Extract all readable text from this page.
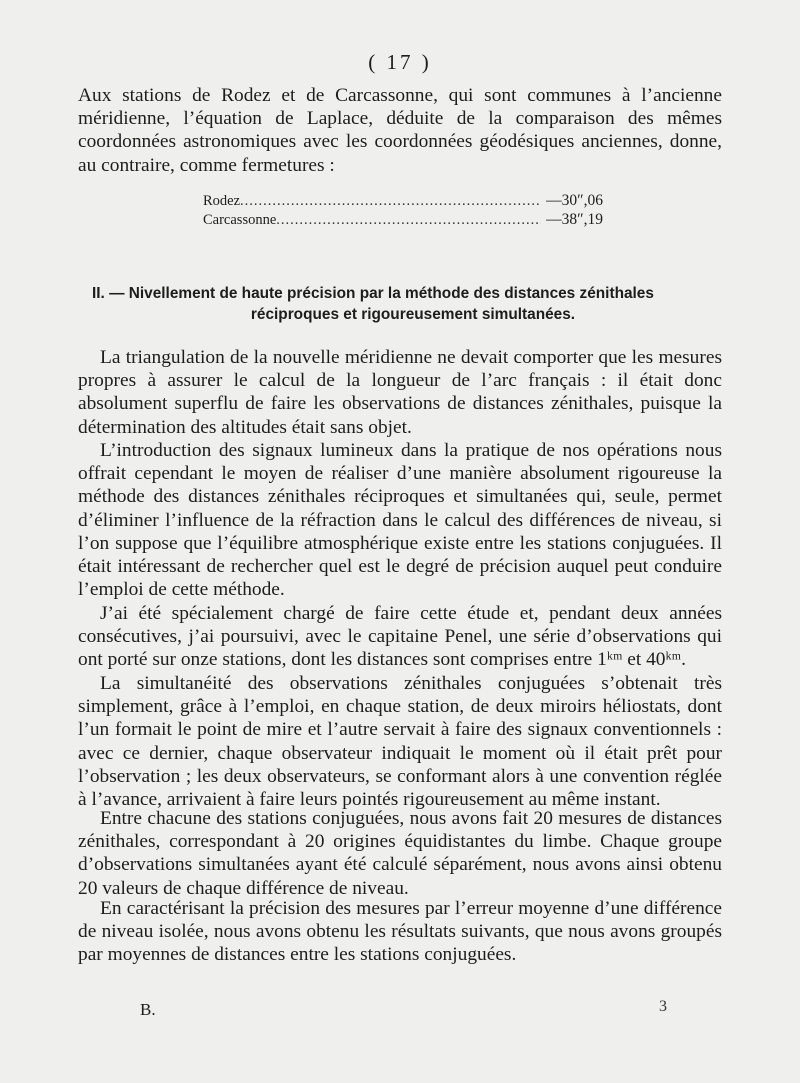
( 17 )

Aux stations de Rodez et de Carcassonne, qui sont communes à l’ancienne méridienne, l’équation de Laplace, déduite de la comparaison des mêmes coordonnées astronomiques avec les coordonnées géodésiques anciennes, donne, au contraire, comme fermetures :

Rodez .....	—30″,06
Carcassonne .....	—38″,19
II. — Nivellement de haute précision par la méthode des distances zénithales
réciproques et rigoureusement simultanées.

La triangulation de la nouvelle méridienne ne devait comporter que les mesures propres à assurer le calcul de la longueur de l’arc français : il était donc absolument superflu de faire les observations de distances zénithales, puisque la détermination des altitudes était sans objet.

L’introduction des signaux lumineux dans la pratique de nos opérations nous offrait cependant le moyen de réaliser d’une manière absolument rigoureuse la méthode des distances zénithales réciproques et simultanées qui, seule, permet d’éliminer l’influence de la réfraction dans le calcul des différences de niveau, si l’on suppose que l’équilibre atmosphérique existe entre les stations conjuguées. Il était intéressant de rechercher quel est le degré de précision auquel peut conduire l’emploi de cette méthode.

J’ai été spécialement chargé de faire cette étude et, pendant deux années consécutives, j’ai poursuivi, avec le capitaine Penel, une série d’observations qui ont porté sur onze stations, dont les distances sont comprises entre 1ᵏᵐ et 40ᵏᵐ.

La simultanéité des observations zénithales conjuguées s’obtenait très simplement, grâce à l’emploi, en chaque station, de deux miroirs héliostats, dont l’un formait le point de mire et l’autre servait à faire des signaux conventionnels : avec ce dernier, chaque observateur indiquait le moment où il était prêt pour l’observation ; les deux observateurs, se conformant alors à une convention réglée à l’avance, arrivaient à faire leurs pointés rigoureusement au même instant.

Entre chacune des stations conjuguées, nous avons fait 20 mesures de distances zénithales, correspondant à 20 origines équidistantes du limbe. Chaque groupe d’observations simultanées ayant été calculé séparément, nous avons ainsi obtenu 20 valeurs de chaque différence de niveau.

En caractérisant la précision des mesures par l’erreur moyenne d’une différence de niveau isolée, nous avons obtenu les résultats suivants, que nous avons groupés par moyennes de distances entre les stations conjuguées.

B.	3
